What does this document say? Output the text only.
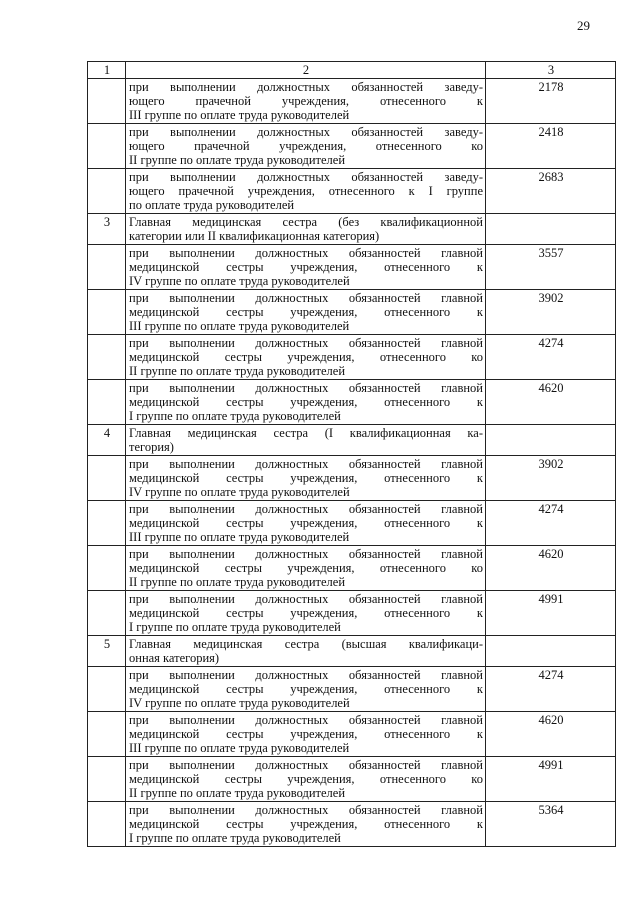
29
1	2	3

	при выполнении должностных обязанностей заведу-
ющего прачечной учреждения, отнесенного к
III группе по оплате труда руководителей	2178

	при выполнении должностных обязанностей заведу-
ющего прачечной учреждения, отнесенного ко
II группе по оплате труда руководителей	2418

	при выполнении должностных обязанностей заведу-
ющего прачечной учреждения, отнесенного к I группе
по оплате труда руководителей	2683
3	Главная медицинская сестра (без квалификационной
категории или II квалификационная категория)	

	при выполнении должностных обязанностей главной
медицинской сестры учреждения, отнесенного к
IV группе по оплате труда руководителей	3557

	при выполнении должностных обязанностей главной
медицинской сестры учреждения, отнесенного к
III группе по оплате труда руководителей	3902

	при выполнении должностных обязанностей главной
медицинской сестры учреждения, отнесенного ко
II группе по оплате труда руководителей	4274

	при выполнении должностных обязанностей главной
медицинской сестры учреждения, отнесенного к
I группе по оплате труда руководителей	4620
4	Главная медицинская сестра (I квалификационная ка-
тегория)	

	при выполнении должностных обязанностей главной
медицинской сестры учреждения, отнесенного к
IV группе по оплате труда руководителей	3902

	при выполнении должностных обязанностей главной
медицинской сестры учреждения, отнесенного к
III группе по оплате труда руководителей	4274

	при выполнении должностных обязанностей главной
медицинской сестры учреждения, отнесенного ко
II группе по оплате труда руководителей	4620

	при выполнении должностных обязанностей главной
медицинской сестры учреждения, отнесенного к
I группе по оплате труда руководителей	4991
5	Главная медицинская сестра (высшая квалификаци-
онная категория)	

	при выполнении должностных обязанностей главной
медицинской сестры учреждения, отнесенного к
IV группе по оплате труда руководителей	4274

	при выполнении должностных обязанностей главной
медицинской сестры учреждения, отнесенного к
III группе по оплате труда руководителей	4620

	при выполнении должностных обязанностей главной
медицинской сестры учреждения, отнесенного ко
II группе по оплате труда руководителей	4991

	при выполнении должностных обязанностей главной
медицинской сестры учреждения, отнесенного к
I группе по оплате труда руководителей	5364
